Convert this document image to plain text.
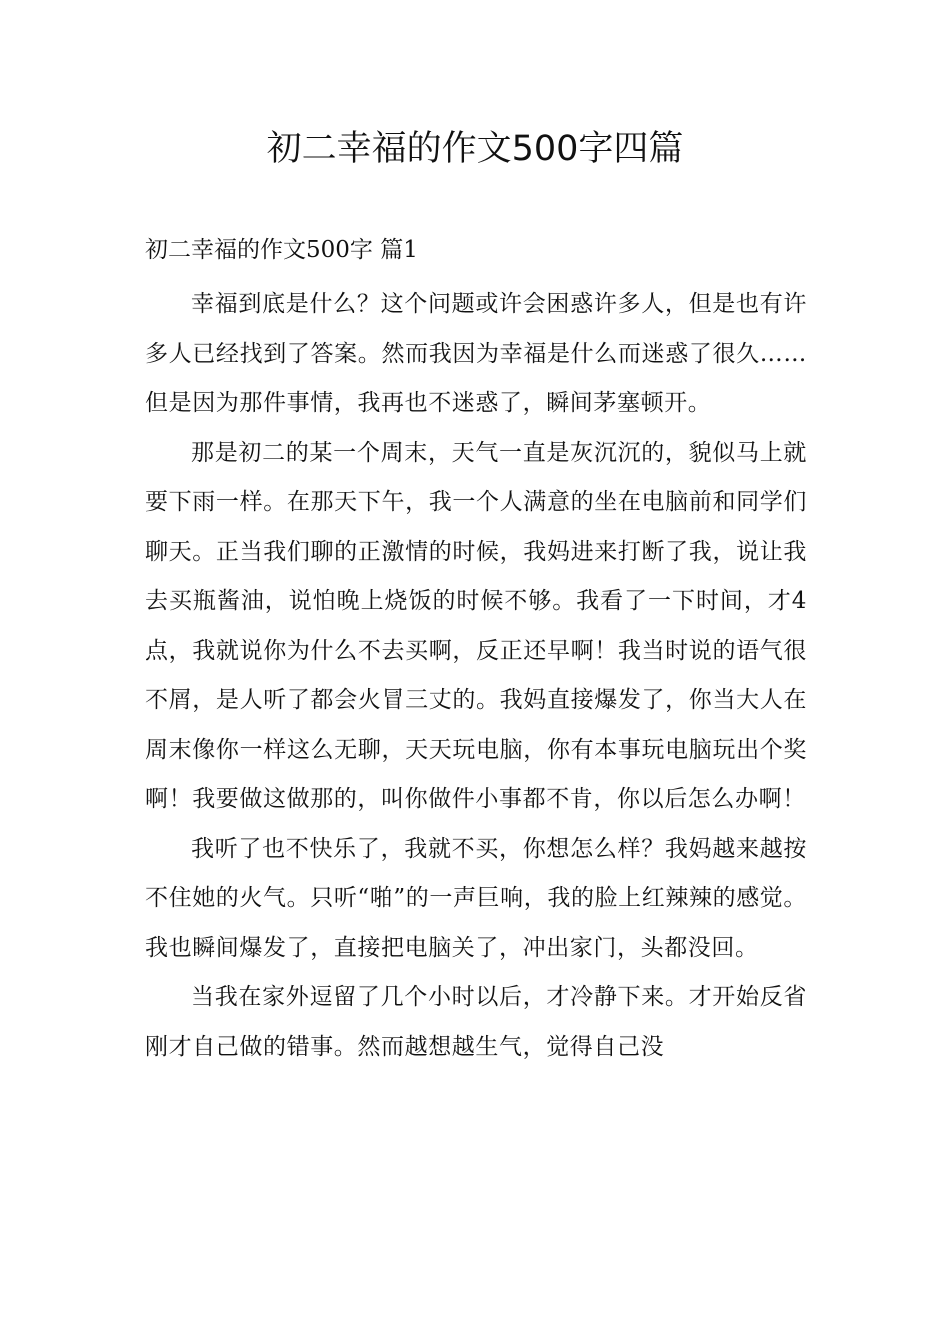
初二幸福的作文500字四篇

初二幸福的作文500字 篇1

幸福到底是什么？这个问题或许会困惑许多人，但是也有许多人已经找到了答案。然而我因为幸福是什么而迷惑了很久……但是因为那件事情，我再也不迷惑了，瞬间茅塞顿开。

那是初二的某一个周末，天气一直是灰沉沉的，貌似马上就要下雨一样。在那天下午，我一个人满意的坐在电脑前和同学们聊天。正当我们聊的正激情的时候，我妈进来打断了我，说让我去买瓶酱油，说怕晚上烧饭的时候不够。我看了一下时间，才4点，我就说你为什么不去买啊，反正还早啊！我当时说的语气很不屑，是人听了都会火冒三丈的。我妈直接爆发了，你当大人在周末像你一样这么无聊，天天玩电脑，你有本事玩电脑玩出个奖啊！我要做这做那的，叫你做件小事都不肯，你以后怎么办啊！

我听了也不快乐了，我就不买，你想怎么样？我妈越来越按不住她的火气。只听“啪”的一声巨响，我的脸上红辣辣的感觉。我也瞬间爆发了，直接把电脑关了，冲出家门，头都没回。

当我在家外逗留了几个小时以后，才冷静下来。才开始反省刚才自己做的错事。然而越想越生气，觉得自己没
